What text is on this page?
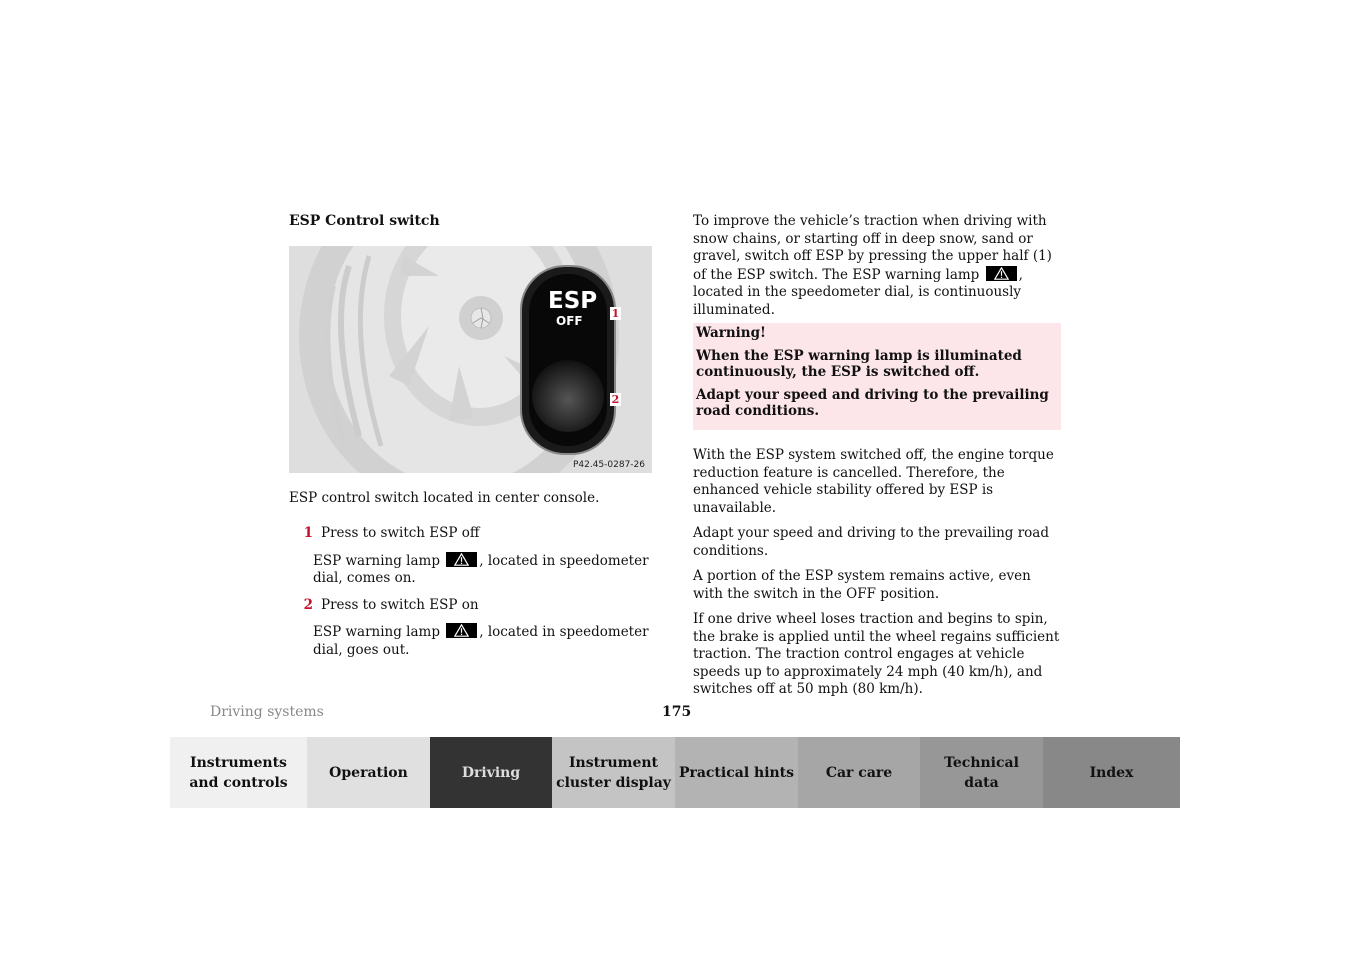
ESP Control switch
ESP
OFF
1
2
P42.45-0287-26
ESP control switch located in center console.
1 Press to switch ESP off
ESP warning lamp	, located in speedometer dial, comes on.
2 Press to switch ESP on
ESP warning lamp	, located in speedometer dial, goes out.

To improve the vehicle’s traction when driving with snow chains, or starting off in deep snow, sand or gravel, switch off ESP by pressing the upper half (1) of the ESP switch. The ESP warning lamp	, located in the speedometer dial, is continuously illuminated.

Warning!

When the ESP warning lamp is illuminated continuously, the ESP is switched off.

Adapt your speed and driving to the prevailing road conditions.

With the ESP system switched off, the engine torque reduction feature is cancelled. Therefore, the enhanced vehicle stability offered by ESP is unavailable.

Adapt your speed and driving to the prevailing road conditions.

A portion of the ESP system remains active, even with the switch in the OFF position.

If one drive wheel loses traction and begins to spin, the brake is applied until the wheel regains sufficient traction. The traction control engages at vehicle speeds up to approximately 24 mph (40 km/h), and switches off at 50 mph (80 km/h).

Driving systems	175
Instruments
and controls
Operation	Driving
Instrument
cluster display
Practical hints	Car care
Technical
data
Index
